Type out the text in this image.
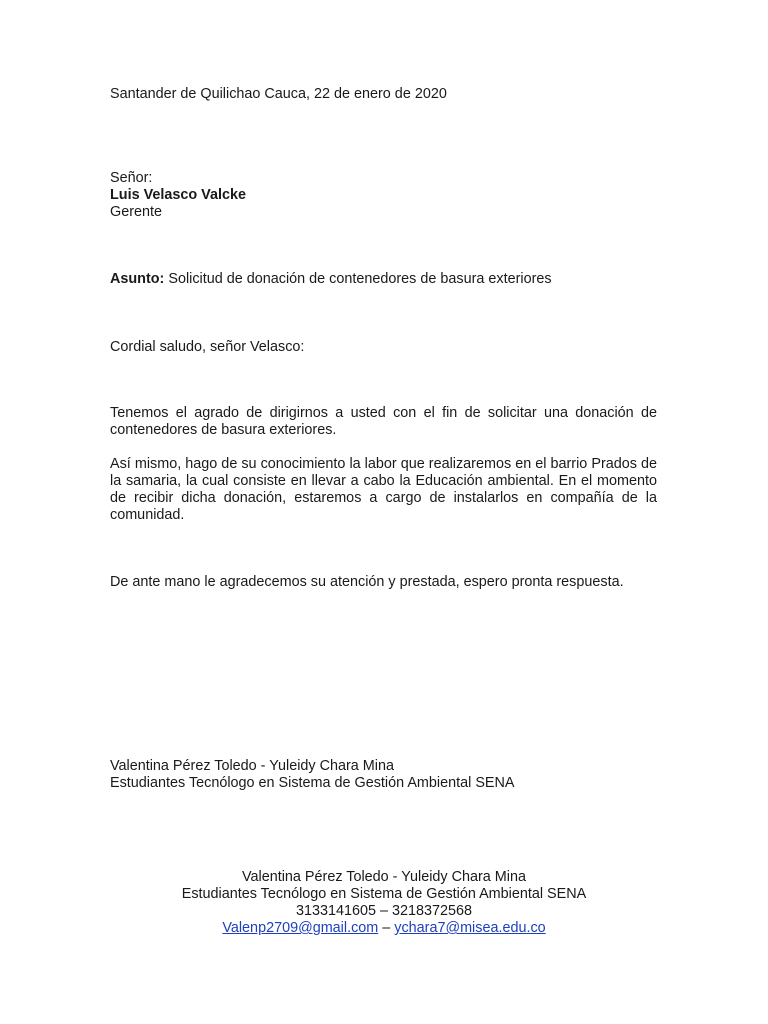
Santander de Quilichao Cauca, 22 de enero de 2020
Señor:
Luis Velasco Valcke
Gerente
Asunto: Solicitud de donación de contenedores de basura exteriores
Cordial saludo, señor Velasco:
Tenemos el agrado de dirigirnos a usted con el fin de solicitar una donación de contenedores de basura exteriores.
Así mismo, hago de su conocimiento la labor que realizaremos en el barrio Prados de la samaria, la cual consiste en llevar a cabo la Educación ambiental. En el momento de recibir dicha donación, estaremos a cargo de instalarlos en compañía de la comunidad.
De ante mano le agradecemos su atención y prestada, espero pronta respuesta.
Valentina Pérez Toledo - Yuleidy Chara Mina
Estudiantes Tecnólogo en Sistema de Gestión Ambiental SENA
Valentina Pérez Toledo - Yuleidy Chara Mina
Estudiantes Tecnólogo en Sistema de Gestión Ambiental SENA
3133141605 – 3218372568
Valenp2709@gmail.com – ychara7@misea.edu.co
